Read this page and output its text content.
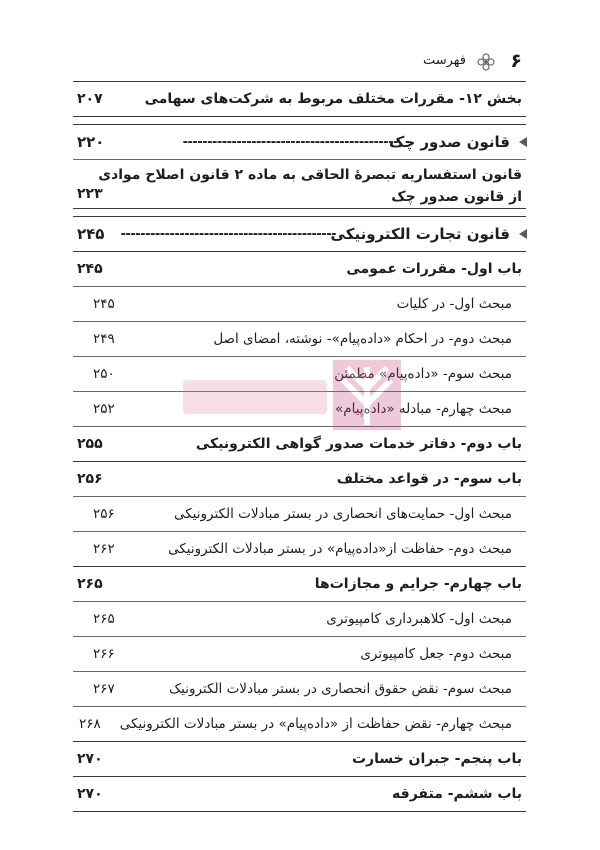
۶
فهرست
بخش ۱۲- مقررات مختلف مربوط به شرکت‌های سهامی
۲۰۷
قانون صدور چک
--------------------------------------------
۲۲۰
قانون استفساریه تبصرهٔ الحاقی به ماده ۲ قانون اصلاح موادی از قانون صدور چک
۲۲۳
قانون تجارت الکترونیکی
--------------------------------------------
۲۴۵
باب اول- مقررات عمومی
۲۴۵
مبحث اول- در کلیات
۲۴۵
مبحث دوم- در احکام «داده‌پیام»- نوشته، امضای اصل
۲۴۹
مبحث سوم- «داده‌پیام» مطمئن
۲۵۰
مبحث چهارم- مبادله «داده‌پیام»
۲۵۲
باب دوم- دفاتر خدمات صدور گواهی الکترونیکی
۲۵۵
باب سوم- در قواعد مختلف
۲۵۶
مبحث اول- حمایت‌های انحصاری در بستر مبادلات الکترونیکی
۲۵۶
مبحث دوم- حفاظت از«داده‌پیام» در بستر مبادلات الکترونیکی
۲۶۲
باب چهارم- جرایم و مجازات‌ها
۲۶۵
مبحث اول- کلاهبرداری کامپیوتری
۲۶۵
مبحث دوم- جعل کامپیوتری
۲۶۶
مبحث سوم- نقض حقوق انحصاری در بستر مبادلات الکترونیک
۲۶۷
مبحث چهارم- نقض حفاظت از «داده‌پیام» در بستر مبادلات الکترونیکی
۲۶۸
باب پنجم- جبران خسارت
۲۷۰
باب ششم- متفرقه
۲۷۰
